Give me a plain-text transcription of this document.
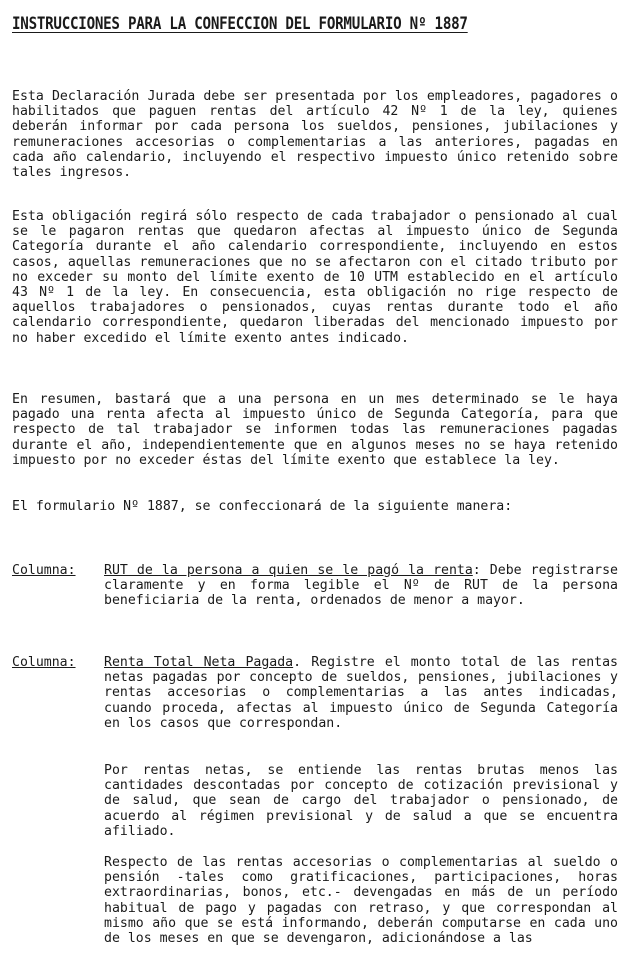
INSTRUCCIONES PARA LA CONFECCION DEL FORMULARIO Nº 1887
Esta Declaración Jurada debe ser presentada por los empleadores, pagadores o habilitados que paguen rentas del artículo 42 Nº 1 de la ley, quienes deberán informar por cada persona los sueldos, pensiones, jubilaciones y remuneraciones accesorias o complementarias a las anteriores, pagadas en cada año calendario, incluyendo el respectivo impuesto único retenido sobre tales ingresos.
Esta obligación regirá sólo respecto de cada trabajador o pensionado al cual se le pagaron rentas que quedaron afectas al impuesto único de Segunda Categoría durante el año calendario correspondiente, incluyendo en estos casos, aquellas remuneraciones que no se afectaron con el citado tributo por no exceder su monto del límite exento de 10 UTM establecido en el artículo 43 Nº 1 de la ley. En consecuencia, esta obligación no rige respecto de aquellos trabajadores o pensionados, cuyas rentas durante todo el año calendario correspondiente, quedaron liberadas del mencionado impuesto por no haber excedido el límite exento antes indicado.
En resumen, bastará que a una persona en un mes determinado se le haya pagado una renta afecta al impuesto único de Segunda Categoría, para que respecto de tal trabajador se informen todas las remuneraciones pagadas durante el año, independientemente que en algunos meses no se haya retenido impuesto por no exceder éstas del límite exento que establece la ley.
El formulario Nº 1887, se confeccionará de la siguiente manera:
Columna: RUT de la persona a quien se le pagó la renta: Debe registrarse claramente y en forma legible el Nº de RUT de la persona beneficiaria de la renta, ordenados de menor a mayor.
Columna: Renta Total Neta Pagada. Registre el monto total de las rentas netas pagadas por concepto de sueldos, pensiones, jubilaciones y rentas accesorias o complementarias a las antes indicadas, cuando proceda, afectas al impuesto único de Segunda Categoría en los casos que correspondan.
Por rentas netas, se entiende las rentas brutas menos las cantidades descontadas por concepto de cotización previsional y de salud, que sean de cargo del trabajador o pensionado, de acuerdo al régimen previsional y de salud a que se encuentra afiliado.
Respecto de las rentas accesorias o complementarias al sueldo o pensión -tales como gratificaciones, participaciones, horas extraordinarias, bonos, etc.- devengadas en más de un período habitual de pago y pagadas con retraso, y que correspondan al mismo año que se está informando, deberán computarse en cada uno de los meses en que se devengaron, adicionándose a las
